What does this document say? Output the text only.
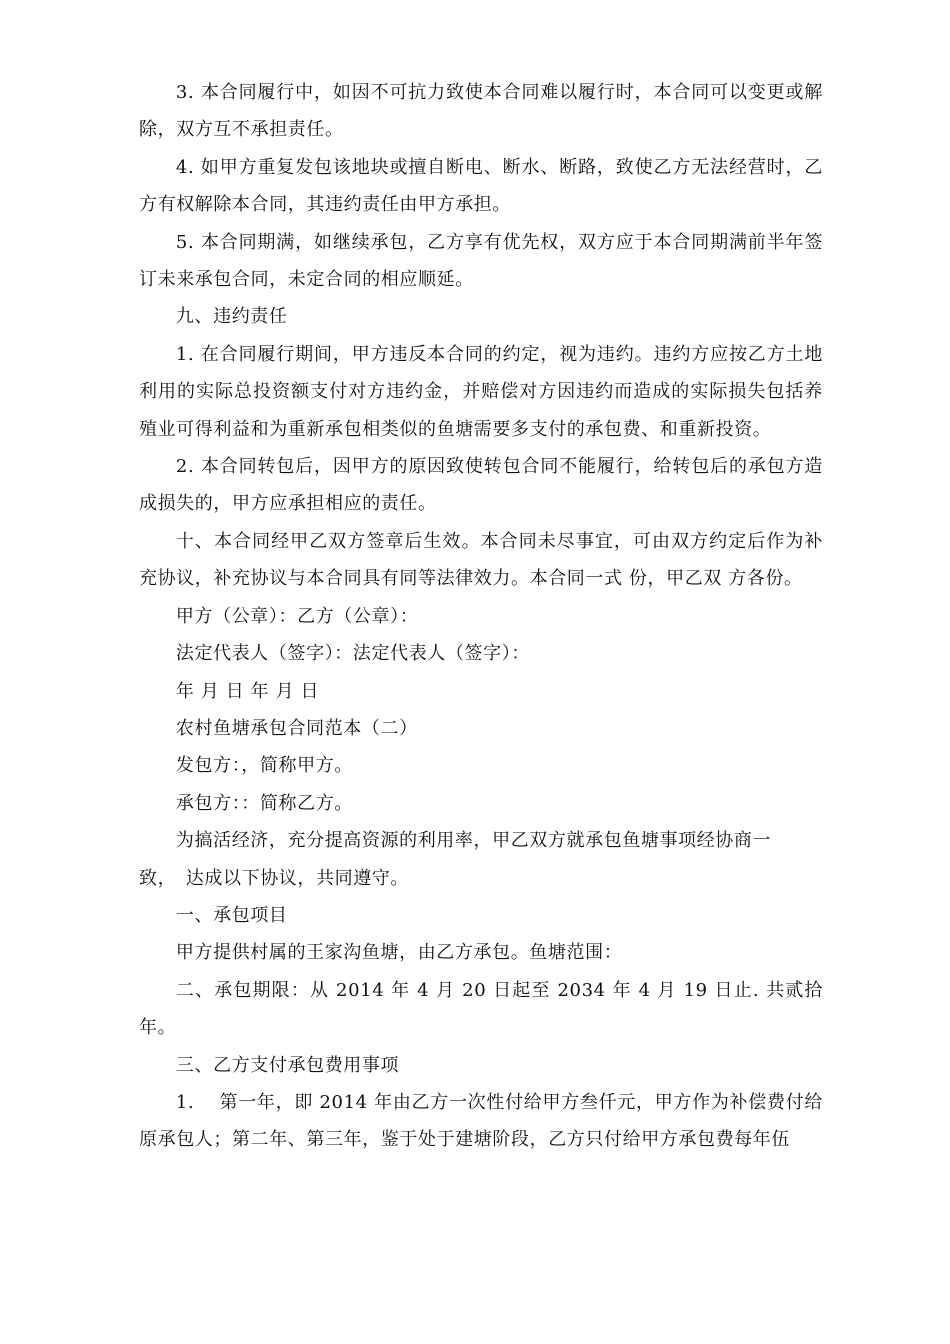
3. 本合同履行中，如因不可抗力致使本合同难以履行时，本合同可以变更或解除，双方互不承担责任。

4. 如甲方重复发包该地块或擅自断电、断水、断路，致使乙方无法经营时，乙方有权解除本合同，其违约责任由甲方承担。

5. 本合同期满，如继续承包，乙方享有优先权，双方应于本合同期满前半年签订未来承包合同，未定合同的相应顺延。

九、违约责任

1. 在合同履行期间，甲方违反本合同的约定，视为违约。违约方应按乙方土地利用的实际总投资额支付对方违约金，并赔偿对方因违约而造成的实际损失包括养殖业可得利益和为重新承包相类似的鱼塘需要多支付的承包费、和重新投资。

2. 本合同转包后，因甲方的原因致使转包合同不能履行，给转包后的承包方造成损失的，甲方应承担相应的责任。

十、本合同经甲乙双方签章后生效。本合同未尽事宜，可由双方约定后作为补充协议，补充协议与本合同具有同等法律效力。本合同一式 份，甲乙双 方各份。

甲方（公章）：乙方（公章）：

法定代表人（签字）：法定代表人（签字）：

年 月 日 年 月 日

农村鱼塘承包合同范本（二）

发包方：，简称甲方。

承包方：：简称乙方。

为搞活经济，充分提高资源的利用率，甲乙双方就承包鱼塘事项经协商一

致，　达成以下协议，共同遵守。

一、承包项目

甲方提供村属的王家沟鱼塘，由乙方承包。鱼塘范围：

二、承包期限：从 2014 年 4 月 20 日起至 2034 年 4 月 19 日止. 共贰拾年。

三、乙方支付承包费用事项

1.　 第一年，即 2014 年由乙方一次性付给甲方叁仟元，甲方作为补偿费付给原承包人；第二年、第三年，鉴于处于建塘阶段，乙方只付给甲方承包费每年伍
